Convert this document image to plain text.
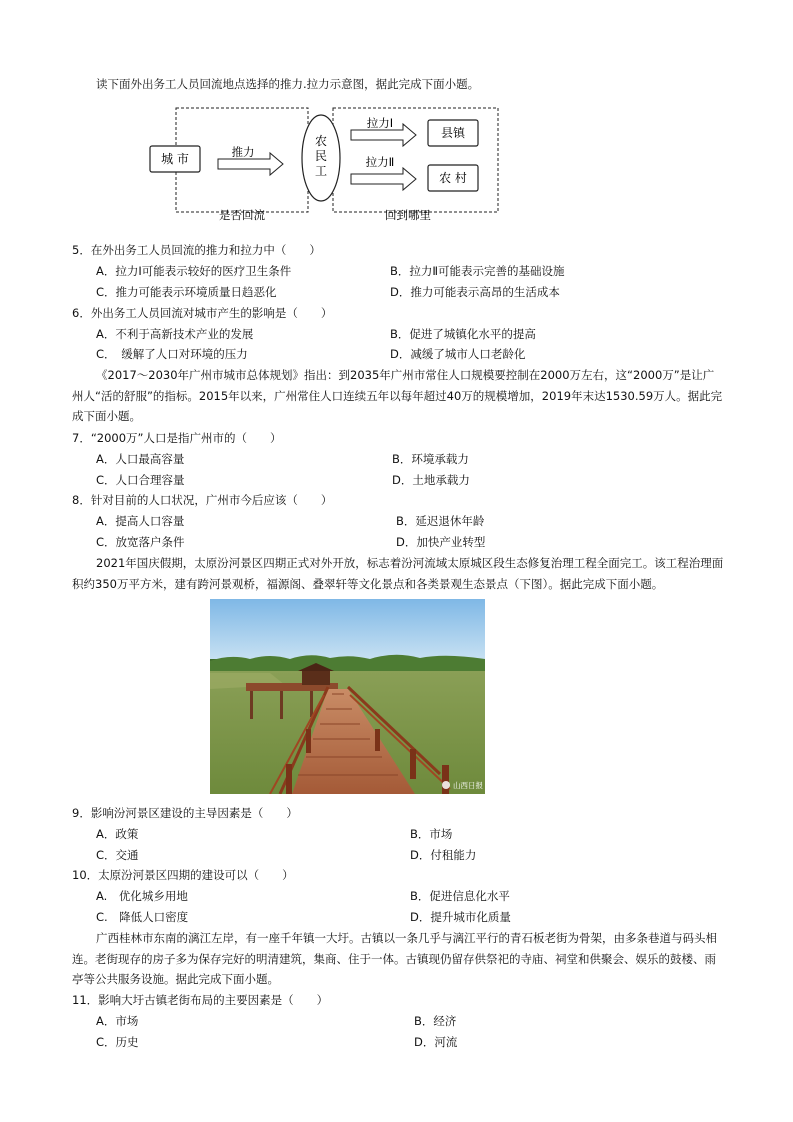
读下面外出务工人员回流地点选择的推力.拉力示意图，据此完成下面小题。
城 市	推力
农
民
工
拉力Ⅰ
拉力Ⅱ
县镇
农 村
是否回流	回到哪里
5．在外出务工人员回流的推力和拉力中（　　）
A．拉力Ⅰ可能表示较好的医疗卫生条件	B．拉力Ⅱ可能表示完善的基础设施
C．推力可能表示环境质量日趋恶化	D．推力可能表示高昂的生活成本
6．外出务工人员回流对城市产生的影响是（　　）
A．不利于高新技术产业的发展	B．促进了城镇化水平的提高
C．　缓解了人口对环境的压力	D．减缓了城市人口老龄化
《2017～2030年广州市城市总体规划》指出：到2035年广州市常住人口规模要控制在2000万左右，这“2000万”是让广州人“活的舒服”的指标。2015年以来，广州常住人口连续五年以每年超过40万的规模增加，2019年末达1530.59万人。据此完成下面小题。
7．“2000万”人口是指广州市的（　　）
A．人口最高容量	B．环境承载力
C．人口合理容量	D．土地承载力
8．针对目前的人口状况，广州市今后应该（　　）
A．提高人口容量	B．延迟退休年龄
C．放宽落户条件	D．加快产业转型
2021年国庆假期，太原汾河景区四期正式对外开放，标志着汾河流域太原城区段生态修复治理工程全面完工。该工程治理面积约350万平方米，建有跨河景观桥，福源阁、叠翠轩等文化景点和各类景观生态景点（下图）。据此完成下面小题。
山西日报
9．影响汾河景区建设的主导因素是（　　）
A．政策	B．市场
C．交通	D．付租能力
10．太原汾河景区四期的建设可以（　　）
A.　优化城乡用地	B．促进信息化水平
C.　降低人口密度	D．提升城市化质量
广西桂林市东南的漓江左岸，有一座千年镇一大圩。古镇以一条几乎与漓江平行的青石板老街为骨架，由多条巷道与码头相连。老街现存的房子多为保存完好的明清建筑，集商、住于一体。古镇现仍留存供祭祀的寺庙、祠堂和供聚会、娱乐的鼓楼、雨亭等公共服务设施。据此完成下面小题。
11．影响大圩古镇老街布局的主要因素是（　　）
A．市场	B．经济
C．历史	D．河流
